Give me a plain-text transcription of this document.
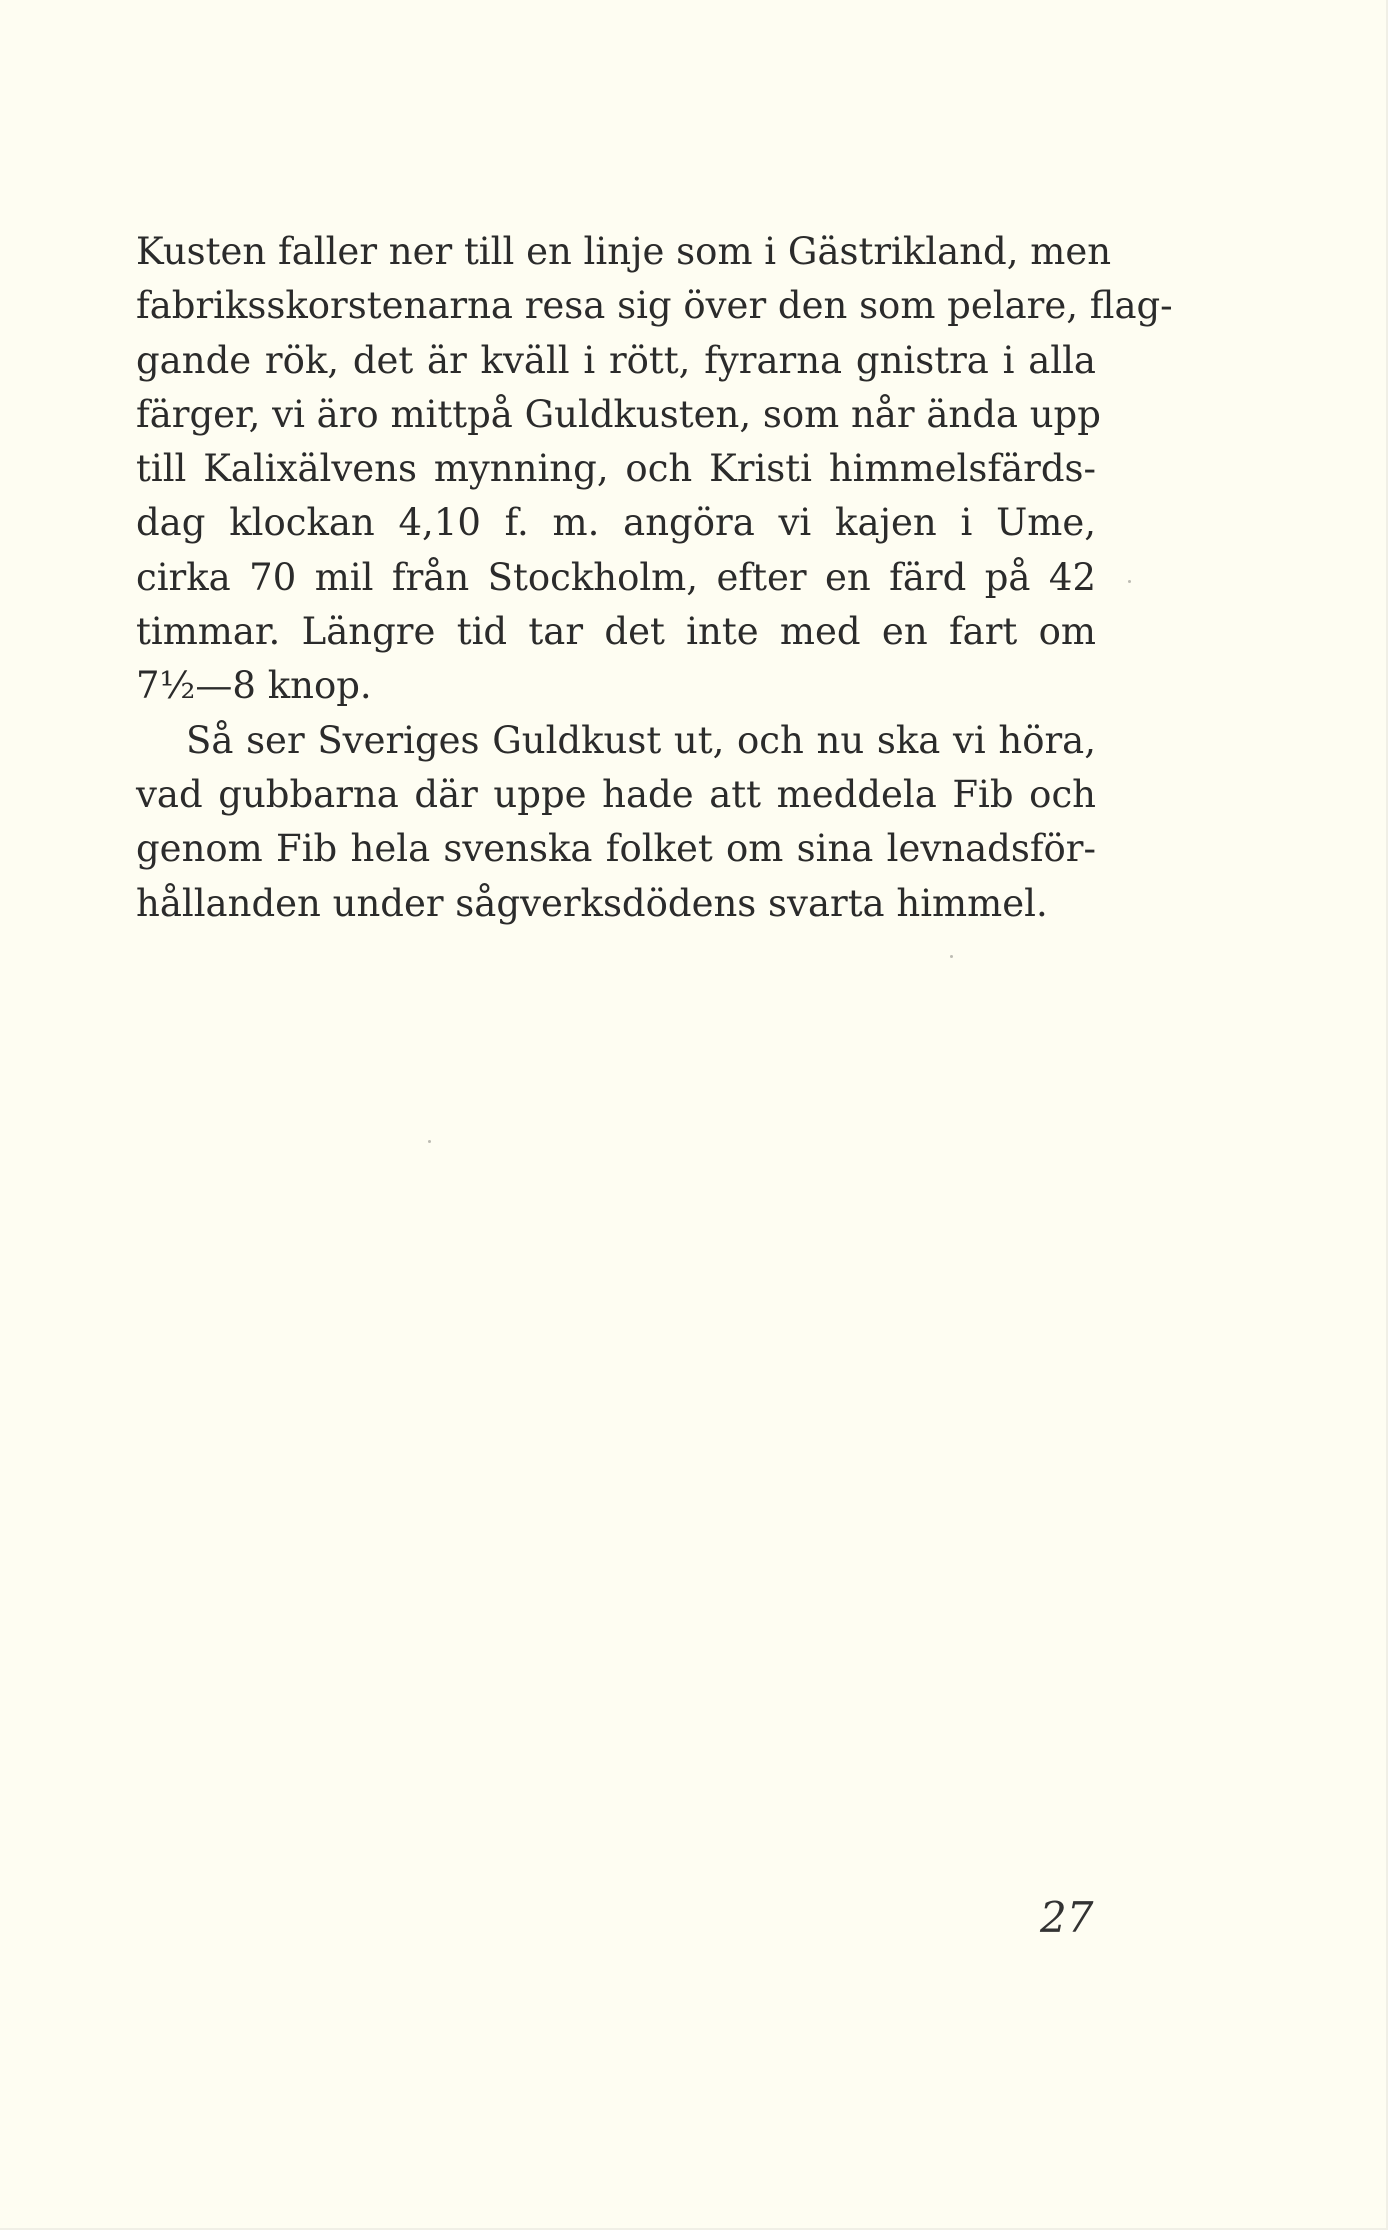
Kusten faller ner till en linje som i Gästrikland, men
fabriksskorstenarna resa sig över den som pelare, flag-
gande rök, det är kväll i rött, fyrarna gnistra i alla
färger, vi äro mittpå Guldkusten, som når ända upp
till Kalixälvens mynning, och Kristi himmelsfärds-
dag klockan 4,10 f. m. angöra vi kajen i Ume,
cirka 70 mil från Stockholm, efter en färd på 42
timmar. Längre tid tar det inte med en fart om
7½—8 knop.
Så ser Sveriges Guldkust ut, och nu ska vi höra,
vad gubbarna där uppe hade att meddela Fib och
genom Fib hela svenska folket om sina levnadsför-
hållanden under sågverksdödens svarta himmel.
27
